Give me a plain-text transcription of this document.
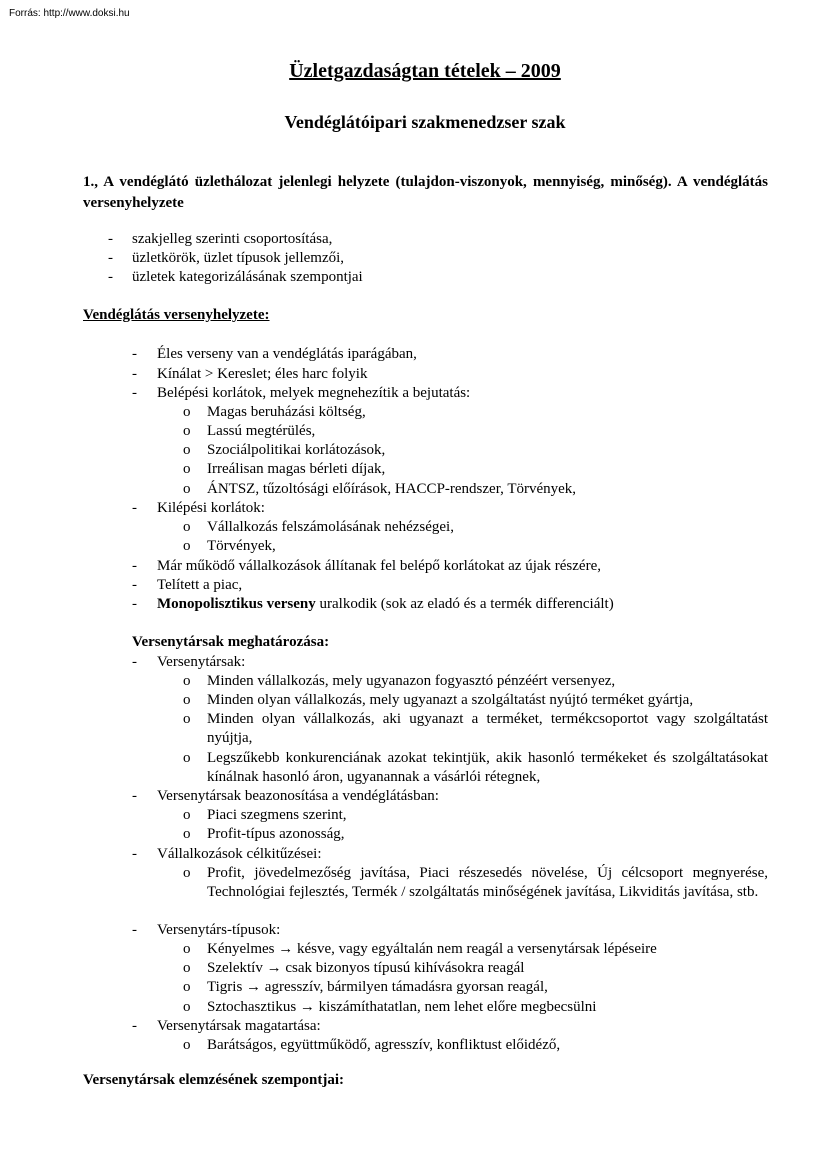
Forrás: http://www.doksi.hu
Üzletgazdaságtan tételek – 2009
Vendéglátóipari szakmenedzser szak
1., A vendéglátó üzlethálozat jelenlegi helyzete (tulajdon-viszonyok, mennyiség, minőség). A vendéglátás versenyhelyzete
- szakjelleg szerinti csoportosítása,
- üzletkörök, üzlet típusok jellemzői,
- üzletek kategorizálásának szempontjai
Vendéglátás versenyhelyzete:
- Éles verseny van a vendéglátás iparágában,
- Kínálat > Kereslet; éles harc folyik
- Belépési korlátok, melyek megnehezítik a bejutatás:
o Magas beruházási költség,
o Lassú megtérülés,
o Szociálpolitikai korlátozások,
o Irreálisan magas bérleti díjak,
o ÁNTSZ, tűzoltósági előírások, HACCP-rendszer, Törvények,
- Kilépési korlátok:
o Vállalkozás felszámolásának nehézségei,
o Törvények,
- Már működő vállalkozások állítanak fel belépő korlátokat az újak részére,
- Telített a piac,
- Monopolisztikus verseny uralkodik (sok az eladó és a termék differenciált)
Versenytársak meghatározása:
- Versenytársak:
o Minden vállalkozás, mely ugyanazon fogyasztó pénzéért versenyez,
o Minden olyan vállalkozás, mely ugyanazt a szolgáltatást nyújtó terméket gyártja,
o Minden olyan vállalkozás, aki ugyanazt a terméket, termékcsoportot vagy szolgáltatást nyújtja,
o Legszűkebb konkurenciának azokat tekintjük, akik hasonló termékeket és szolgáltatásokat kínálnak hasonló áron, ugyanannak a vásárlói rétegnek,
- Versenytársak beazonosítása a vendéglátásban:
o Piaci szegmens szerint,
o Profit-típus azonosság,
- Vállalkozások célkitűzései:
o Profit, jövedelmezőség javítása, Piaci részesedés növelése, Új célcsoport megnyerése, Technológiai fejlesztés, Termék / szolgáltatás minőségének javítása, Likviditás javítása, stb.
- Versenytárs-típusok:
o Kényelmes → késve, vagy egyáltalán nem reagál a versenytársak lépéseire
o Szelektív → csak bizonyos típusú kihívásokra reagál
o Tigris → agresszív, bármilyen támadásra gyorsan reagál,
o Sztochasztikus → kiszámíthatatlan, nem lehet előre megbecsülni
- Versenytársak magatartása:
o Barátságos, együttműködő, agresszív, konfliktust előidéző,
Versenytársak elemzésének szempontjai:
